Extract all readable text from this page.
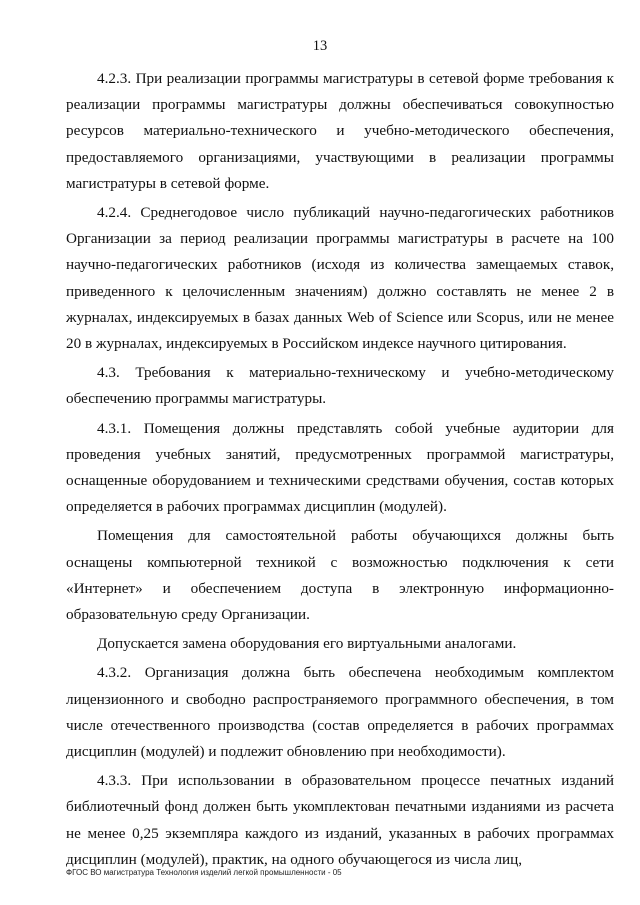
13

4.2.3. При реализации программы магистратуры в сетевой форме требования к реализации программы магистратуры должны обеспечиваться совокупностью ресурсов материально-технического и учебно-методического обеспечения, предоставляемого организациями, участвующими в реализации программы магистратуры в сетевой форме.

4.2.4. Среднегодовое число публикаций научно-педагогических работников Организации за период реализации программы магистратуры в расчете на 100 научно-педагогических работников (исходя из количества замещаемых ставок, приведенного к целочисленным значениям) должно составлять не менее 2 в журналах, индексируемых в базах данных Web of Science или Scopus, или не менее 20 в журналах, индексируемых в Российском индексе научного цитирования.

4.3. Требования к материально-техническому и учебно-методическому обеспечению программы магистратуры.

4.3.1. Помещения должны представлять собой учебные аудитории для проведения учебных занятий, предусмотренных программой магистратуры, оснащенные оборудованием и техническими средствами обучения, состав которых определяется в рабочих программах дисциплин (модулей).

Помещения для самостоятельной работы обучающихся должны быть оснащены компьютерной техникой с возможностью подключения к сети «Интернет» и обеспечением доступа в электронную информационно-образовательную среду Организации.

Допускается замена оборудования его виртуальными аналогами.

4.3.2. Организация должна быть обеспечена необходимым комплектом лицензионного и свободно распространяемого программного обеспечения, в том числе отечественного производства (состав определяется в рабочих программах дисциплин (модулей) и подлежит обновлению при необходимости).

4.3.3. При использовании в образовательном процессе печатных изданий библиотечный фонд должен быть укомплектован печатными изданиями из расчета не менее 0,25 экземпляра каждого из изданий, указанных в рабочих программах дисциплин (модулей), практик, на одного обучающегося из числа лиц,

ФГОС ВО магистратура Технология изделий легкой промышленности - 05
